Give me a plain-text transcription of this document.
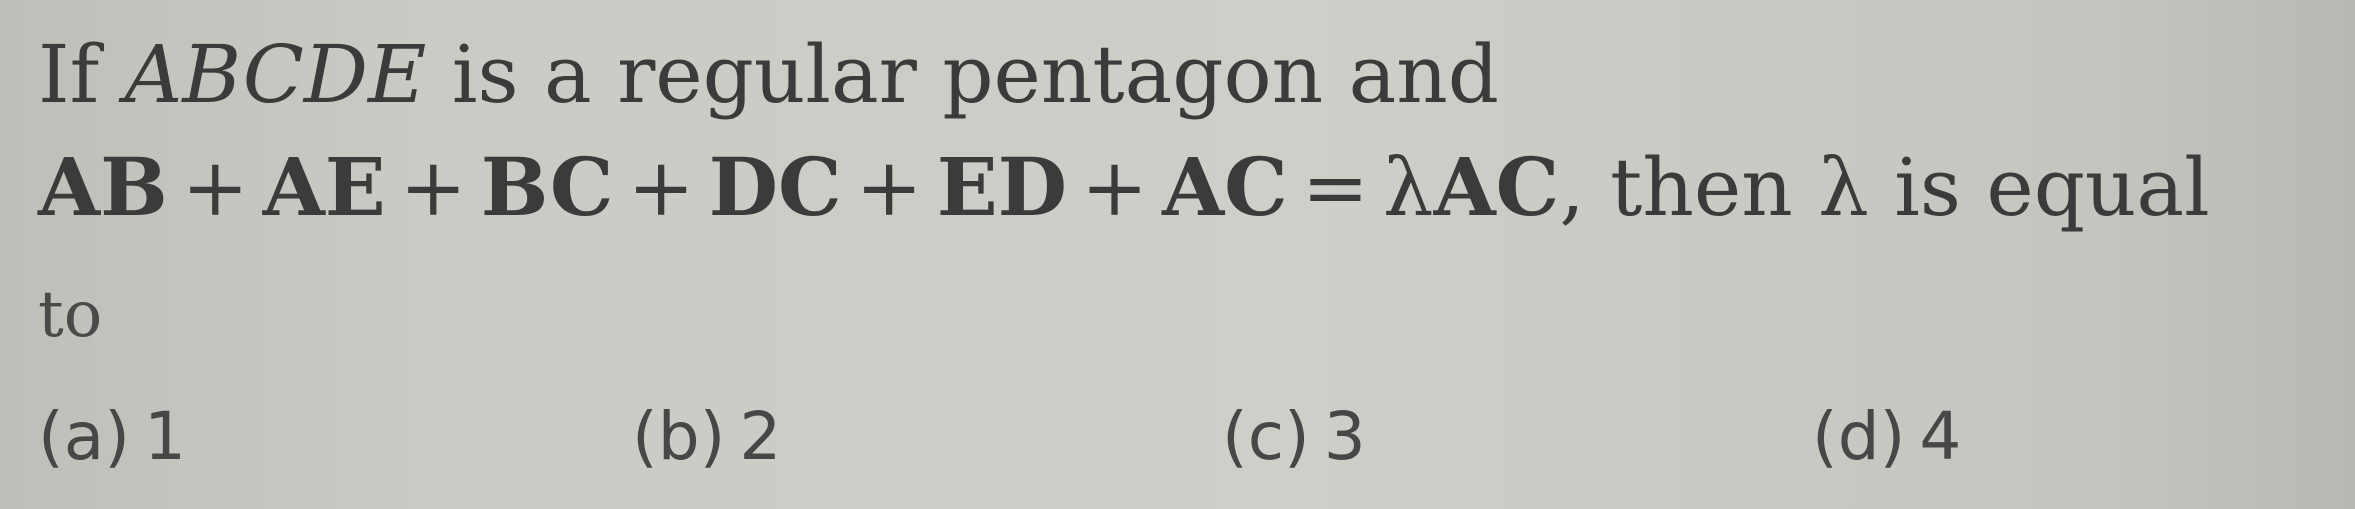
If ABCDE is a regular pentagon and
AB + AE + BC + DC + ED + AC = λAC, then λ is equal
to
(a) 1	(b) 2	(c) 3	(d) 4
